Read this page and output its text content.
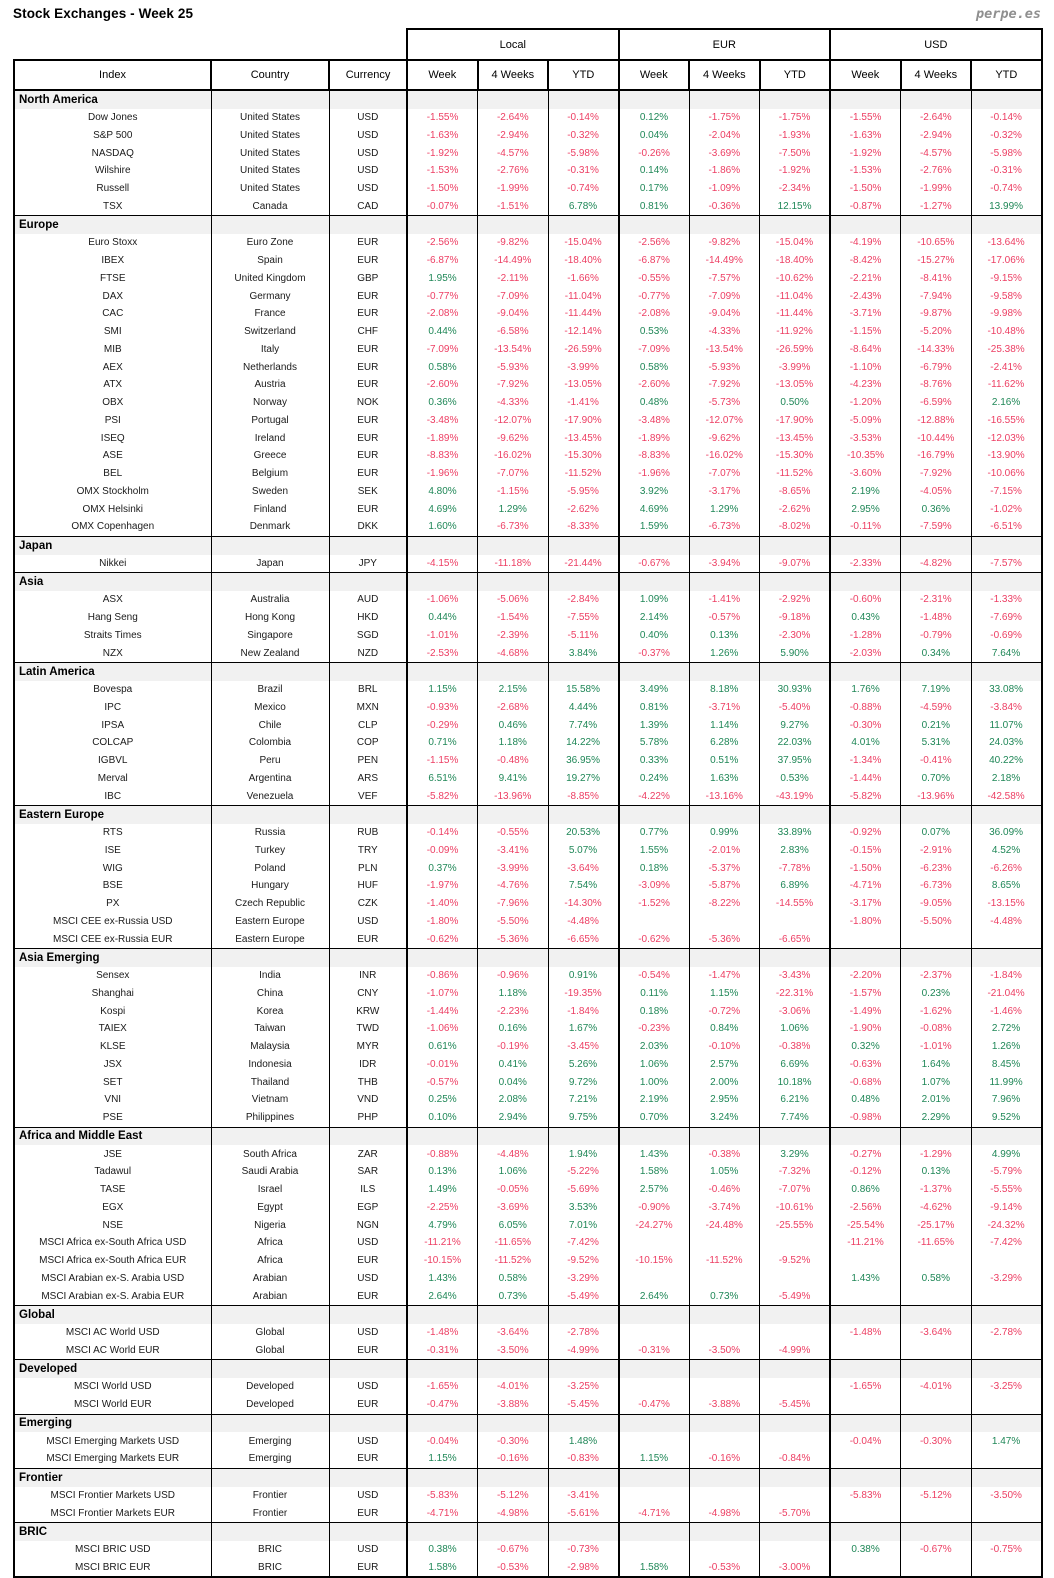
Stock Exchanges - Week 25	perpe.es
			Local			EUR			USD		
Index	Country	Currency	Week	4 Weeks	YTD	Week	4 Weeks	YTD	Week	4 Weeks	YTD
North America											
Dow Jones	United States	USD	-1.55%	-2.64%	-0.14%	0.12%	-1.75%	-1.75%	-1.55%	-2.64%	-0.14%
S&P 500	United States	USD	-1.63%	-2.94%	-0.32%	0.04%	-2.04%	-1.93%	-1.63%	-2.94%	-0.32%
NASDAQ	United States	USD	-1.92%	-4.57%	-5.98%	-0.26%	-3.69%	-7.50%	-1.92%	-4.57%	-5.98%
Wilshire	United States	USD	-1.53%	-2.76%	-0.31%	0.14%	-1.86%	-1.92%	-1.53%	-2.76%	-0.31%
Russell	United States	USD	-1.50%	-1.99%	-0.74%	0.17%	-1.09%	-2.34%	-1.50%	-1.99%	-0.74%
TSX	Canada	CAD	-0.07%	-1.51%	6.78%	0.81%	-0.36%	12.15%	-0.87%	-1.27%	13.99%
Europe											
Euro Stoxx	Euro Zone	EUR	-2.56%	-9.82%	-15.04%	-2.56%	-9.82%	-15.04%	-4.19%	-10.65%	-13.64%
IBEX	Spain	EUR	-6.87%	-14.49%	-18.40%	-6.87%	-14.49%	-18.40%	-8.42%	-15.27%	-17.06%
FTSE	United Kingdom	GBP	1.95%	-2.11%	-1.66%	-0.55%	-7.57%	-10.62%	-2.21%	-8.41%	-9.15%
DAX	Germany	EUR	-0.77%	-7.09%	-11.04%	-0.77%	-7.09%	-11.04%	-2.43%	-7.94%	-9.58%
CAC	France	EUR	-2.08%	-9.04%	-11.44%	-2.08%	-9.04%	-11.44%	-3.71%	-9.87%	-9.98%
SMI	Switzerland	CHF	0.44%	-6.58%	-12.14%	0.53%	-4.33%	-11.92%	-1.15%	-5.20%	-10.48%
MIB	Italy	EUR	-7.09%	-13.54%	-26.59%	-7.09%	-13.54%	-26.59%	-8.64%	-14.33%	-25.38%
AEX	Netherlands	EUR	0.58%	-5.93%	-3.99%	0.58%	-5.93%	-3.99%	-1.10%	-6.79%	-2.41%
ATX	Austria	EUR	-2.60%	-7.92%	-13.05%	-2.60%	-7.92%	-13.05%	-4.23%	-8.76%	-11.62%
OBX	Norway	NOK	0.36%	-4.33%	-1.41%	0.48%	-5.73%	0.50%	-1.20%	-6.59%	2.16%
PSI	Portugal	EUR	-3.48%	-12.07%	-17.90%	-3.48%	-12.07%	-17.90%	-5.09%	-12.88%	-16.55%
ISEQ	Ireland	EUR	-1.89%	-9.62%	-13.45%	-1.89%	-9.62%	-13.45%	-3.53%	-10.44%	-12.03%
ASE	Greece	EUR	-8.83%	-16.02%	-15.30%	-8.83%	-16.02%	-15.30%	-10.35%	-16.79%	-13.90%
BEL	Belgium	EUR	-1.96%	-7.07%	-11.52%	-1.96%	-7.07%	-11.52%	-3.60%	-7.92%	-10.06%
OMX Stockholm	Sweden	SEK	4.80%	-1.15%	-5.95%	3.92%	-3.17%	-8.65%	2.19%	-4.05%	-7.15%
OMX Helsinki	Finland	EUR	4.69%	1.29%	-2.62%	4.69%	1.29%	-2.62%	2.95%	0.36%	-1.02%
OMX Copenhagen	Denmark	DKK	1.60%	-6.73%	-8.33%	1.59%	-6.73%	-8.02%	-0.11%	-7.59%	-6.51%
Japan											
Nikkei	Japan	JPY	-4.15%	-11.18%	-21.44%	-0.67%	-3.94%	-9.07%	-2.33%	-4.82%	-7.57%
Asia											
ASX	Australia	AUD	-1.06%	-5.06%	-2.84%	1.09%	-1.41%	-2.92%	-0.60%	-2.31%	-1.33%
Hang Seng	Hong Kong	HKD	0.44%	-1.54%	-7.55%	2.14%	-0.57%	-9.18%	0.43%	-1.48%	-7.69%
Straits Times	Singapore	SGD	-1.01%	-2.39%	-5.11%	0.40%	0.13%	-2.30%	-1.28%	-0.79%	-0.69%
NZX	New Zealand	NZD	-2.53%	-4.68%	3.84%	-0.37%	1.26%	5.90%	-2.03%	0.34%	7.64%
Latin America											
Bovespa	Brazil	BRL	1.15%	2.15%	15.58%	3.49%	8.18%	30.93%	1.76%	7.19%	33.08%
IPC	Mexico	MXN	-0.93%	-2.68%	4.44%	0.81%	-3.71%	-5.40%	-0.88%	-4.59%	-3.84%
IPSA	Chile	CLP	-0.29%	0.46%	7.74%	1.39%	1.14%	9.27%	-0.30%	0.21%	11.07%
COLCAP	Colombia	COP	0.71%	1.18%	14.22%	5.78%	6.28%	22.03%	4.01%	5.31%	24.03%
IGBVL	Peru	PEN	-1.15%	-0.48%	36.95%	0.33%	0.51%	37.95%	-1.34%	-0.41%	40.22%
Merval	Argentina	ARS	6.51%	9.41%	19.27%	0.24%	1.63%	0.53%	-1.44%	0.70%	2.18%
IBC	Venezuela	VEF	-5.82%	-13.96%	-8.85%	-4.22%	-13.16%	-43.19%	-5.82%	-13.96%	-42.58%
Eastern Europe											
RTS	Russia	RUB	-0.14%	-0.55%	20.53%	0.77%	0.99%	33.89%	-0.92%	0.07%	36.09%
ISE	Turkey	TRY	-0.09%	-3.41%	5.07%	1.55%	-2.01%	2.83%	-0.15%	-2.91%	4.52%
WIG	Poland	PLN	0.37%	-3.99%	-3.64%	0.18%	-5.37%	-7.78%	-1.50%	-6.23%	-6.26%
BSE	Hungary	HUF	-1.97%	-4.76%	7.54%	-3.09%	-5.87%	6.89%	-4.71%	-6.73%	8.65%
PX	Czech Republic	CZK	-1.40%	-7.96%	-14.30%	-1.52%	-8.22%	-14.55%	-3.17%	-9.05%	-13.15%
MSCI CEE ex-Russia USD	Eastern Europe	USD	-1.80%	-5.50%	-4.48%				-1.80%	-5.50%	-4.48%
MSCI CEE ex-Russia EUR	Eastern Europe	EUR	-0.62%	-5.36%	-6.65%	-0.62%	-5.36%	-6.65%			
Asia Emerging											
Sensex	India	INR	-0.86%	-0.96%	0.91%	-0.54%	-1.47%	-3.43%	-2.20%	-2.37%	-1.84%
Shanghai	China	CNY	-1.07%	1.18%	-19.35%	0.11%	1.15%	-22.31%	-1.57%	0.23%	-21.04%
Kospi	Korea	KRW	-1.44%	-2.23%	-1.84%	0.18%	-0.72%	-3.06%	-1.49%	-1.62%	-1.46%
TAIEX	Taiwan	TWD	-1.06%	0.16%	1.67%	-0.23%	0.84%	1.06%	-1.90%	-0.08%	2.72%
KLSE	Malaysia	MYR	0.61%	-0.19%	-3.45%	2.03%	-0.10%	-0.38%	0.32%	-1.01%	1.26%
JSX	Indonesia	IDR	-0.01%	0.41%	5.26%	1.06%	2.57%	6.69%	-0.63%	1.64%	8.45%
SET	Thailand	THB	-0.57%	0.04%	9.72%	1.00%	2.00%	10.18%	-0.68%	1.07%	11.99%
VNI	Vietnam	VND	0.25%	2.08%	7.21%	2.19%	2.95%	6.21%	0.48%	2.01%	7.96%
PSE	Philippines	PHP	0.10%	2.94%	9.75%	0.70%	3.24%	7.74%	-0.98%	2.29%	9.52%
Africa and Middle East											
JSE	South Africa	ZAR	-0.88%	-4.48%	1.94%	1.43%	-0.38%	3.29%	-0.27%	-1.29%	4.99%
Tadawul	Saudi Arabia	SAR	0.13%	1.06%	-5.22%	1.58%	1.05%	-7.32%	-0.12%	0.13%	-5.79%
TASE	Israel	ILS	1.49%	-0.05%	-5.69%	2.57%	-0.46%	-7.07%	0.86%	-1.37%	-5.55%
EGX	Egypt	EGP	-2.25%	-3.69%	3.53%	-0.90%	-3.74%	-10.61%	-2.56%	-4.62%	-9.14%
NSE	Nigeria	NGN	4.79%	6.05%	7.01%	-24.27%	-24.48%	-25.55%	-25.54%	-25.17%	-24.32%
MSCI Africa ex-South Africa USD	Africa	USD	-11.21%	-11.65%	-7.42%				-11.21%	-11.65%	-7.42%
MSCI Africa ex-South Africa EUR	Africa	EUR	-10.15%	-11.52%	-9.52%	-10.15%	-11.52%	-9.52%			
MSCI Arabian ex-S. Arabia USD	Arabian	USD	1.43%	0.58%	-3.29%				1.43%	0.58%	-3.29%
MSCI Arabian ex-S. Arabia EUR	Arabian	EUR	2.64%	0.73%	-5.49%	2.64%	0.73%	-5.49%			
Global											
MSCI AC World USD	Global	USD	-1.48%	-3.64%	-2.78%				-1.48%	-3.64%	-2.78%
MSCI AC World EUR	Global	EUR	-0.31%	-3.50%	-4.99%	-0.31%	-3.50%	-4.99%			
Developed											
MSCI World USD	Developed	USD	-1.65%	-4.01%	-3.25%				-1.65%	-4.01%	-3.25%
MSCI World EUR	Developed	EUR	-0.47%	-3.88%	-5.45%	-0.47%	-3.88%	-5.45%			
Emerging											
MSCI Emerging Markets USD	Emerging	USD	-0.04%	-0.30%	1.48%				-0.04%	-0.30%	1.47%
MSCI Emerging Markets EUR	Emerging	EUR	1.15%	-0.16%	-0.83%	1.15%	-0.16%	-0.84%			
Frontier											
MSCI Frontier Markets USD	Frontier	USD	-5.83%	-5.12%	-3.41%				-5.83%	-5.12%	-3.50%
MSCI Frontier Markets EUR	Frontier	EUR	-4.71%	-4.98%	-5.61%	-4.71%	-4.98%	-5.70%			
BRIC											
MSCI BRIC USD	BRIC	USD	0.38%	-0.67%	-0.73%				0.38%	-0.67%	-0.75%
MSCI BRIC EUR	BRIC	EUR	1.58%	-0.53%	-2.98%	1.58%	-0.53%	-3.00%			
